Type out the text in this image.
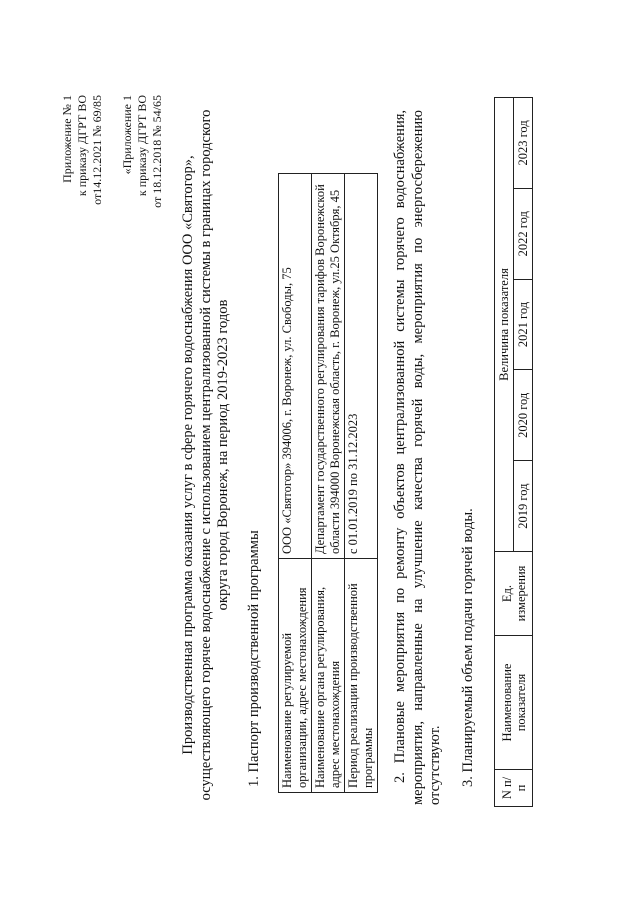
Приложение № 1 к приказу ДГРТ ВО от14.12.2021 № 69/85 «Приложение 1 к приказу ДГРТ ВО от 18.12.2018 № 54/65
Производственная программа оказания услуг в сфере горячего водоснабжения ООО «Святогор», осуществляющего горячее водоснабжение с использованием централизованной системы в границах городского округа город Воронеж, на период 2019-2023 годов
1. Паспорт производственной программы Наименование регулируемой организации, адрес местонахождения	ООО «Святогор» 394006, г. Воронеж, ул. Свободы, 75
Наименование органа регулирования, адрес местонахождения	Департамент государственного регулирования тарифов Воронежской области 394000 Воронежская область, г. Воронеж, ул.25 Октября, 45
Период реализации производственной программы	с 01.01.2019 по 31.12.2023 2. Плановые мероприятия по ремонту объектов централизованной системы горячего водоснабжения, мероприятия, направленные на улучшение качества горячей воды, мероприятия по энергосбережению отсутствуют. 3. Планируемый объем подачи горячей воды.
N п/п	Наименование показателя	Ед. измерения	Величина показателя				
			2019 год	2020 год	2021 год	2022 год	2023 год
